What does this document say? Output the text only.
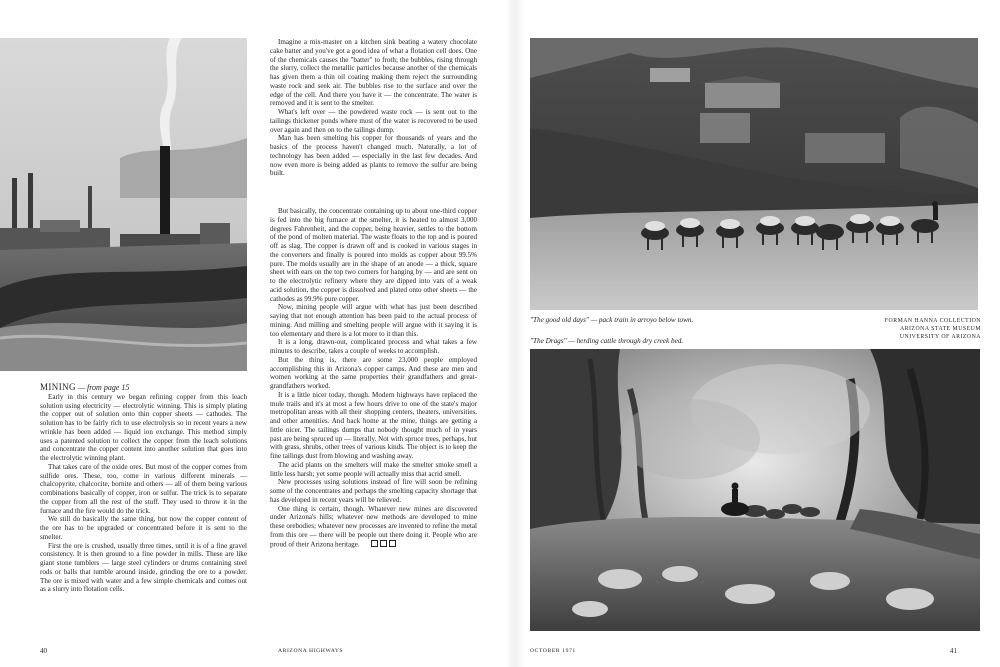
MINING — from page 15

Early in this century we began refining copper from this leach solution using electricity — electrolytic winning. This is simply plating the copper out of solution onto thin copper sheets — cathodes. The solution has to be fairly rich to use electrolysis so in recent years a new wrinkle has been added — liquid ion exchange. This method simply uses a patented solution to collect the copper from the leach solutions and concentrate the copper content into another solution that goes into the electrolytic winning plant.

That takes care of the oxide ores. But most of the copper comes from sulfide ores. These, too, come in various different minerals — chalcopyrite, chalcocite, bornite and others — all of them being various combinations basically of copper, iron or sulfur. The trick is to separate the copper from all the rest of the stuff. They used to throw it in the furnace and the fire would do the trick.

We still do basically the same thing, but now the copper content of the ore has to be upgraded or concentrated before it is sent to the smelter.

First the ore is crushed, usually three times, until it is of a fine gravel consistency. It is then ground to a fine powder in mills. These are like giant stone tumblers — large steel cylinders or drums containing steel rods or balls that tumble around inside, grinding the ore to a powder. The ore is mixed with water and a few simple chemicals and comes out as a slurry into flotation cells.

Imagine a mix-master on a kitchen sink beating a watery chocolate cake batter and you've got a good idea of what a flotation cell does. One of the chemicals causes the "batter" to froth; the bubbles, rising through the slurry, collect the metallic particles because another of the chemicals has given them a thin oil coating making them reject the surrounding waste rock and seek air. The bubbles rise to the surface and over the edge of the cell. And there you have it — the concentrate. The water is removed and it is sent to the smelter.

What's left over — the powdered waste rock — is sent out to the tailings thickener ponds where most of the water is recovered to be used over again and then on to the tailings dump.

Man has been smelting his copper for thousands of years and the basics of the process haven't changed much. Naturally, a lot of technology has been added — especially in the last few decades. And now even more is being added as plants to remove the sulfur are being built.

But basically, the concentrate containing up to about one-third copper is fed into the big furnace at the smelter, it is heated to almost 3,000 degrees Fahrenheit, and the copper, being heavier, settles to the bottom of the pond of molten material. The waste floats to the top and is poured off as slag. The copper is drawn off and is cooked in various stages in the converters and finally is poured into molds as copper about 99.5% pure. The molds usually are in the shape of an anode — a thick, square sheet with ears on the top two corners for hanging by — and are sent on to the electrolytic refinery where they are dipped into vats of a weak acid solution, the copper is dissolved and plated onto other sheets — the cathodes as 99.9% pure copper.

Now, mining people will argue with what has just been described saying that not enough attention has been paid to the actual process of mining. And milling and smelting people will argue with it saying it is too elementary and there is a lot more to it than this.

It is a long, drawn-out, complicated process and what takes a few minutes to describe, takes a couple of weeks to accomplish.

But the thing is, there are some 23,000 people employed accomplishing this in Arizona's copper camps. And these are men and women working at the same properties their grandfathers and great-grandfathers worked.

It is a little nicer today, though. Modern highways have replaced the mule trails and it's at most a few hours drive to one of the state's major metropolitan areas with all their shopping centers, theaters, universities, and other amenities. And back home at the mine, things are getting a little nicer. The tailings dumps that nobody thought much of in years past are being spruced up — literally. Not with spruce trees, perhaps, but with grass, shrubs, other trees of various kinds. The object is to keep the fine tailings dust from blowing and washing away.

The acid plants on the smelters will make the smelter smoke smell a little less harsh; yet some people will actually miss that acrid smell.

New processes using solutions instead of fire will soon be refining some of the concentrates and perhaps the smelting capacity shortage that has developed in recent years will be relieved.

One thing is certain, though. Whatever new mines are discovered under Arizona's hills; whatever new methods are developed to mine these orebodies; whatever new processes are invented to refine the metal from this ore — there will be people out there doing it. People who are proud of their Arizona heritage.

40	ARIZONA HIGHWAYS
"The good old days" — pack train in arroyo below town.	FORMAN HANNA COLLECTION
ARIZONA STATE MUSEUM
UNIVERSITY OF ARIZONA
"The Drags" — herding cattle through dry creek bed.
OCTOBER 1971	41
